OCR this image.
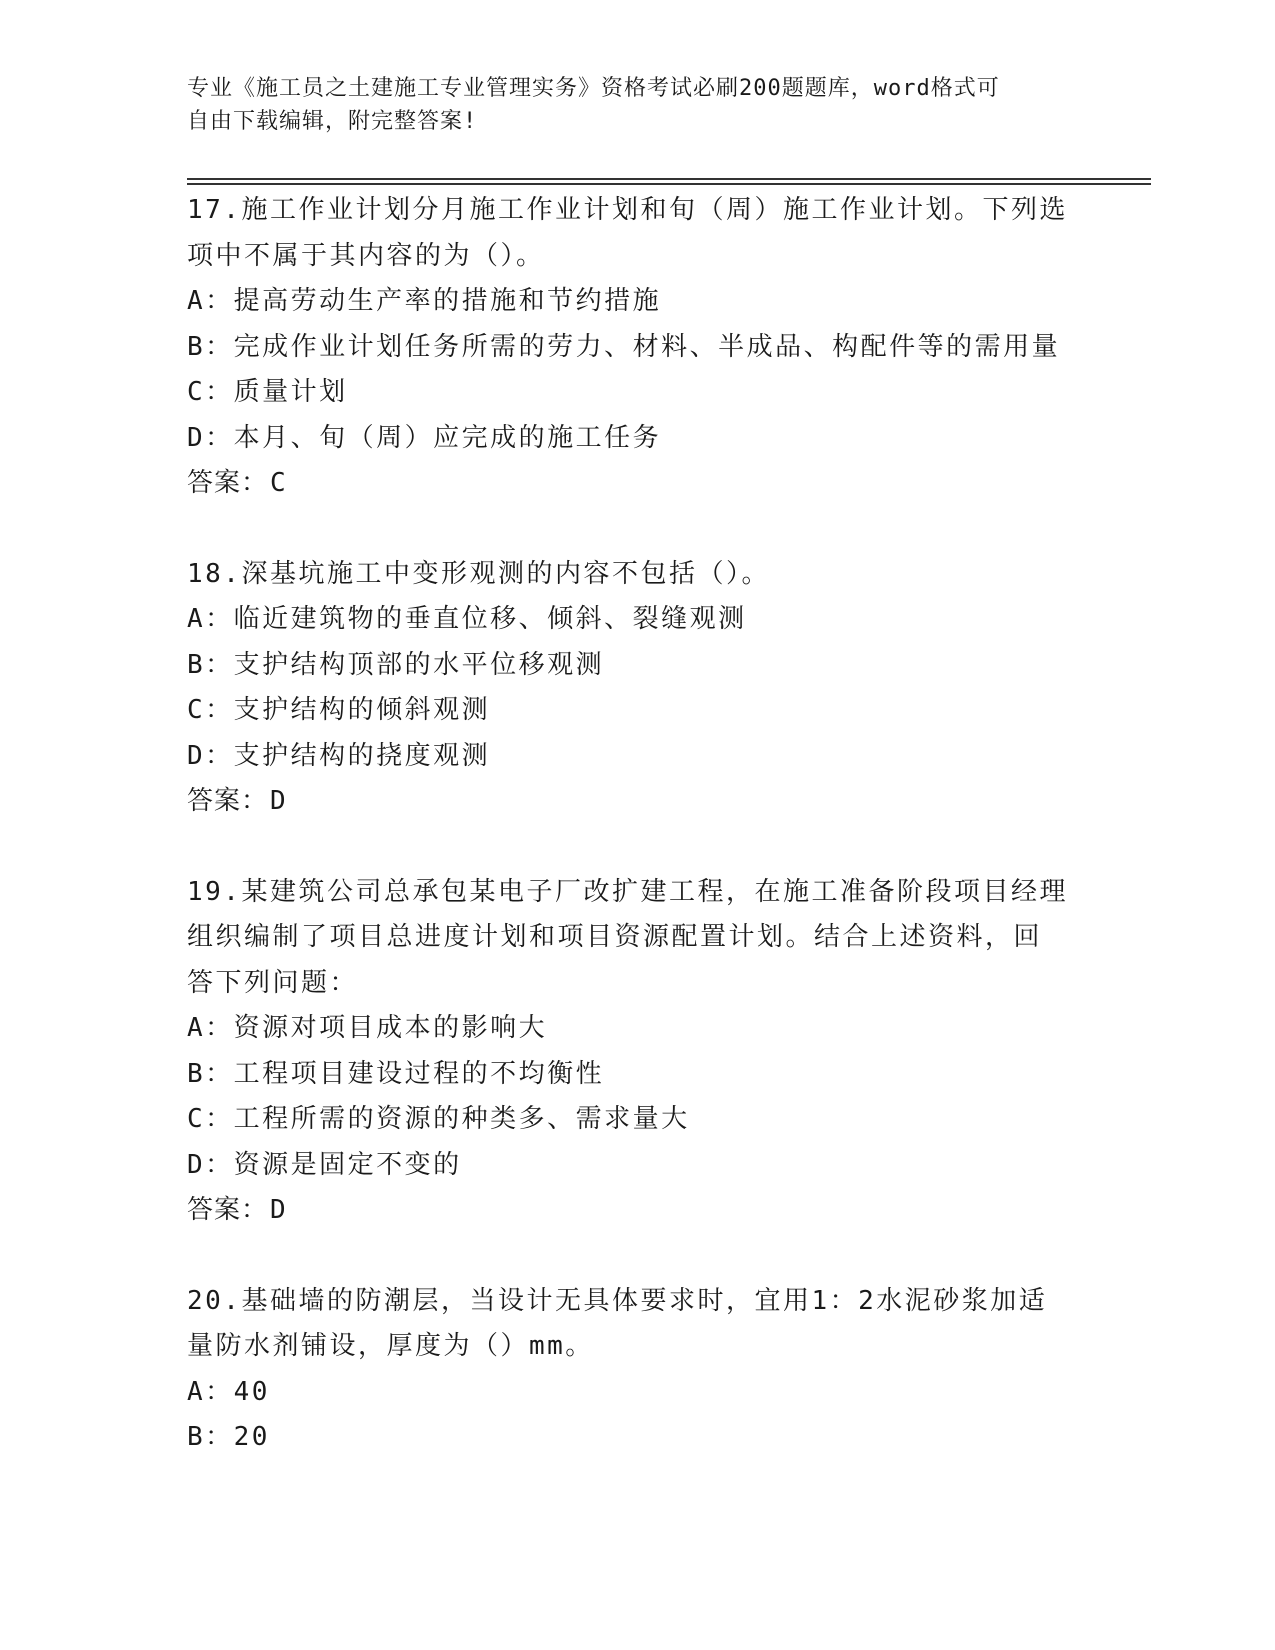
专业《施工员之土建施工专业管理实务》资格考试必刷200题题库，word格式可
自由下载编辑，附完整答案!
17.施工作业计划分月施工作业计划和旬（周）施工作业计划。下列选
项中不属于其内容的为（）。
A：提高劳动生产率的措施和节约措施
B：完成作业计划任务所需的劳力、材料、半成品、构配件等的需用量
C：质量计划
D：本月、旬（周）应完成的施工任务
答案：C
18.深基坑施工中变形观测的内容不包括（）。
A：临近建筑物的垂直位移、倾斜、裂缝观测
B：支护结构顶部的水平位移观测
C：支护结构的倾斜观测
D：支护结构的挠度观测
答案：D
19.某建筑公司总承包某电子厂改扩建工程，在施工准备阶段项目经理
组织编制了项目总进度计划和项目资源配置计划。结合上述资料，回
答下列问题：
A：资源对项目成本的影响大
B：工程项目建设过程的不均衡性
C：工程所需的资源的种类多、需求量大
D：资源是固定不变的
答案：D
20.基础墙的防潮层，当设计无具体要求时，宜用1：2水泥砂浆加适
量防水剂铺设，厚度为（）mm。
A：40
B：20
